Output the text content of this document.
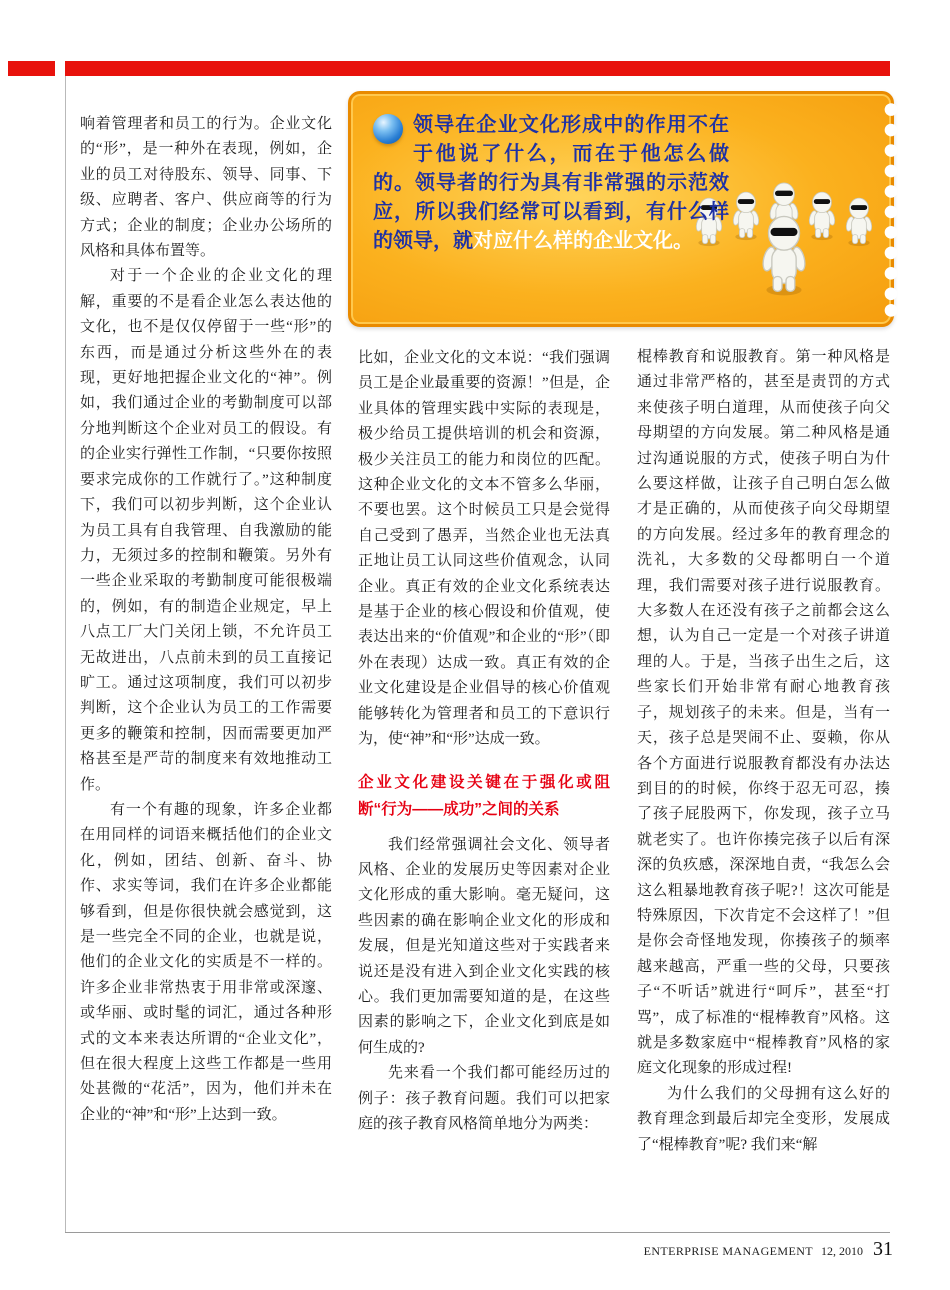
领导在企业文化形成中的作用不在于他说了什么，而在于他怎么做的。领导者的行为具有非常强的示范效应，所以我们经常可以看到，有什么样的领导，就对应什么样的企业文化。

响着管理者和员工的行为。企业文化的“形”，是一种外在表现，例如，企业的员工对待股东、领导、同事、下级、应聘者、客户、供应商等的行为方式；企业的制度；企业办公场所的风格和具体布置等。

对于一个企业的企业文化的理解，重要的不是看企业怎么表达他的文化，也不是仅仅停留于一些“形”的东西，而是通过分析这些外在的表现，更好地把握企业文化的“神”。例如，我们通过企业的考勤制度可以部分地判断这个企业对员工的假设。有的企业实行弹性工作制，“只要你按照要求完成你的工作就行了。”这种制度下，我们可以初步判断，这个企业认为员工具有自我管理、自我激励的能力，无须过多的控制和鞭策。另外有一些企业采取的考勤制度可能很极端的，例如，有的制造企业规定，早上八点工厂大门关闭上锁，不允许员工无故进出，八点前未到的员工直接记旷工。通过这项制度，我们可以初步判断，这个企业认为员工的工作需要更多的鞭策和控制，因而需要更加严格甚至是严苛的制度来有效地推动工作。

有一个有趣的现象，许多企业都在用同样的词语来概括他们的企业文化，例如，团结、创新、奋斗、协作、求实等词，我们在许多企业都能够看到，但是你很快就会感觉到，这是一些完全不同的企业，也就是说，他们的企业文化的实质是不一样的。许多企业非常热衷于用非常或深邃、或华丽、或时髦的词汇，通过各种形式的文本来表达所谓的“企业文化”，但在很大程度上这些工作都是一些用处甚微的“花活”，因为，他们并未在企业的“神”和“形”上达到一致。

比如，企业文化的文本说：“我们强调员工是企业最重要的资源！”但是，企业具体的管理实践中实际的表现是，极少给员工提供培训的机会和资源，极少关注员工的能力和岗位的匹配。这种企业文化的文本不管多么华丽，不要也罢。这个时候员工只是会觉得自己受到了愚弄，当然企业也无法真正地让员工认同这些价值观念，认同企业。真正有效的企业文化系统表达是基于企业的核心假设和价值观，使表达出来的“价值观”和企业的“形”（即外在表现）达成一致。真正有效的企业文化建设是企业倡导的核心价值观能够转化为管理者和员工的下意识行为，使“神”和“形”达成一致。

企业文化建设关键在于强化或阻断“行为——成功”之间的关系

我们经常强调社会文化、领导者风格、企业的发展历史等因素对企业文化形成的重大影响。毫无疑问，这些因素的确在影响企业文化的形成和发展，但是光知道这些对于实践者来说还是没有进入到企业文化实践的核心。我们更加需要知道的是，在这些因素的影响之下，企业文化到底是如何生成的?

先来看一个我们都可能经历过的例子：孩子教育问题。我们可以把家庭的孩子教育风格简单地分为两类：

棍棒教育和说服教育。第一种风格是通过非常严格的，甚至是责罚的方式来使孩子明白道理，从而使孩子向父母期望的方向发展。第二种风格是通过沟通说服的方式，使孩子明白为什么要这样做，让孩子自己明白怎么做才是正确的，从而使孩子向父母期望的方向发展。经过多年的教育理念的洗礼，大多数的父母都明白一个道理，我们需要对孩子进行说服教育。大多数人在还没有孩子之前都会这么想，认为自己一定是一个对孩子讲道理的人。于是，当孩子出生之后，这些家长们开始非常有耐心地教育孩子，规划孩子的未来。但是，当有一天，孩子总是哭闹不止、耍赖，你从各个方面进行说服教育都没有办法达到目的的时候，你终于忍无可忍，揍了孩子屁股两下，你发现，孩子立马就老实了。也许你揍完孩子以后有深深的负疚感，深深地自责，“我怎么会这么粗暴地教育孩子呢?！这次可能是特殊原因，下次肯定不会这样了！”但是你会奇怪地发现，你揍孩子的频率越来越高，严重一些的父母，只要孩子“不听话”就进行“呵斥”，甚至“打骂”，成了标准的“棍棒教育”风格。这就是多数家庭中“棍棒教育”风格的家庭文化现象的形成过程!

为什么我们的父母拥有这么好的教育理念到最后却完全变形，发展成了“棍棒教育”呢? 我们来“解

ENTERPRISE MANAGEMENT 12, 2010 31
